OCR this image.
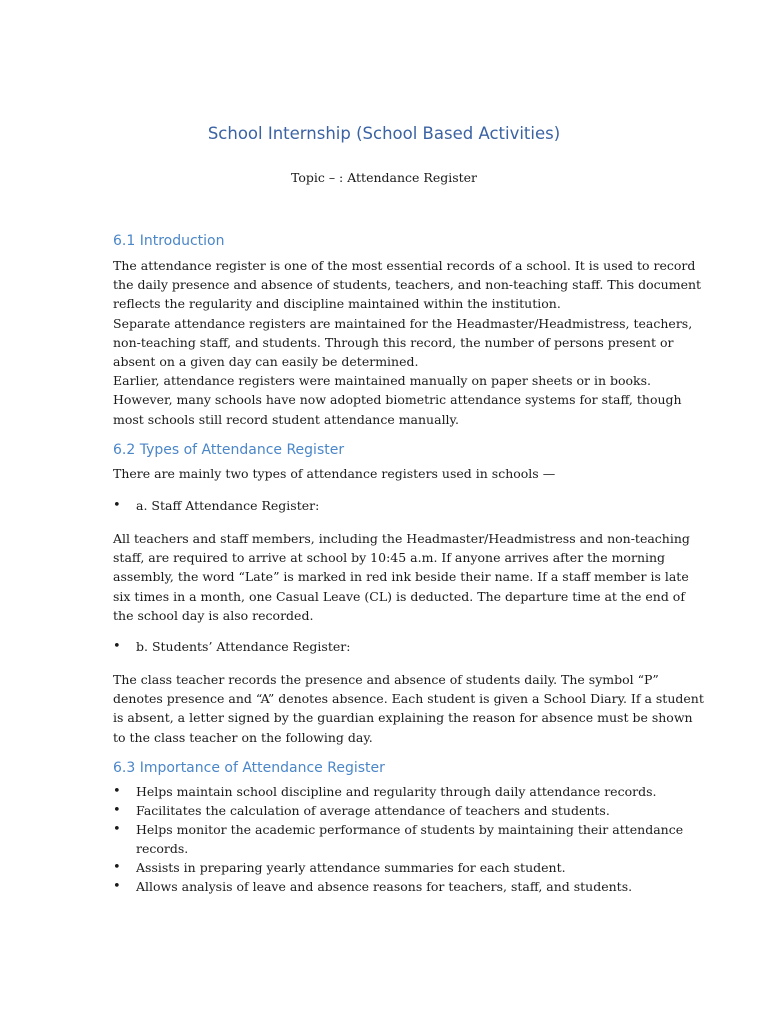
School Internship (School Based Activities)
Topic – : Attendance Register
6.1 Introduction
The attendance register is one of the most essential records of a school. It is used to record
the daily presence and absence of students, teachers, and non-teaching staff. This document
reflects the regularity and discipline maintained within the institution.
Separate attendance registers are maintained for the Headmaster/Headmistress, teachers,
non-teaching staff, and students. Through this record, the number of persons present or
absent on a given day can easily be determined.
Earlier, attendance registers were maintained manually on paper sheets or in books.
However, many schools have now adopted biometric attendance systems for staff, though
most schools still record student attendance manually.
6.2 Types of Attendance Register
There are mainly two types of attendance registers used in schools —
•	a. Staff Attendance Register:
All teachers and staff members, including the Headmaster/Headmistress and non-teaching
staff, are required to arrive at school by 10:45 a.m. If anyone arrives after the morning
assembly, the word “Late” is marked in red ink beside their name. If a staff member is late
six times in a month, one Casual Leave (CL) is deducted. The departure time at the end of
the school day is also recorded.
•	b. Students’ Attendance Register:
The class teacher records the presence and absence of students daily. The symbol “P”
denotes presence and “A” denotes absence. Each student is given a School Diary. If a student
is absent, a letter signed by the guardian explaining the reason for absence must be shown
to the class teacher on the following day.
6.3 Importance of Attendance Register
•	Helps maintain school discipline and regularity through daily attendance records.
•	Facilitates the calculation of average attendance of teachers and students.
•	Helps monitor the academic performance of students by maintaining their attendance
records.
•	Assists in preparing yearly attendance summaries for each student.
•	Allows analysis of leave and absence reasons for teachers, staff, and students.
